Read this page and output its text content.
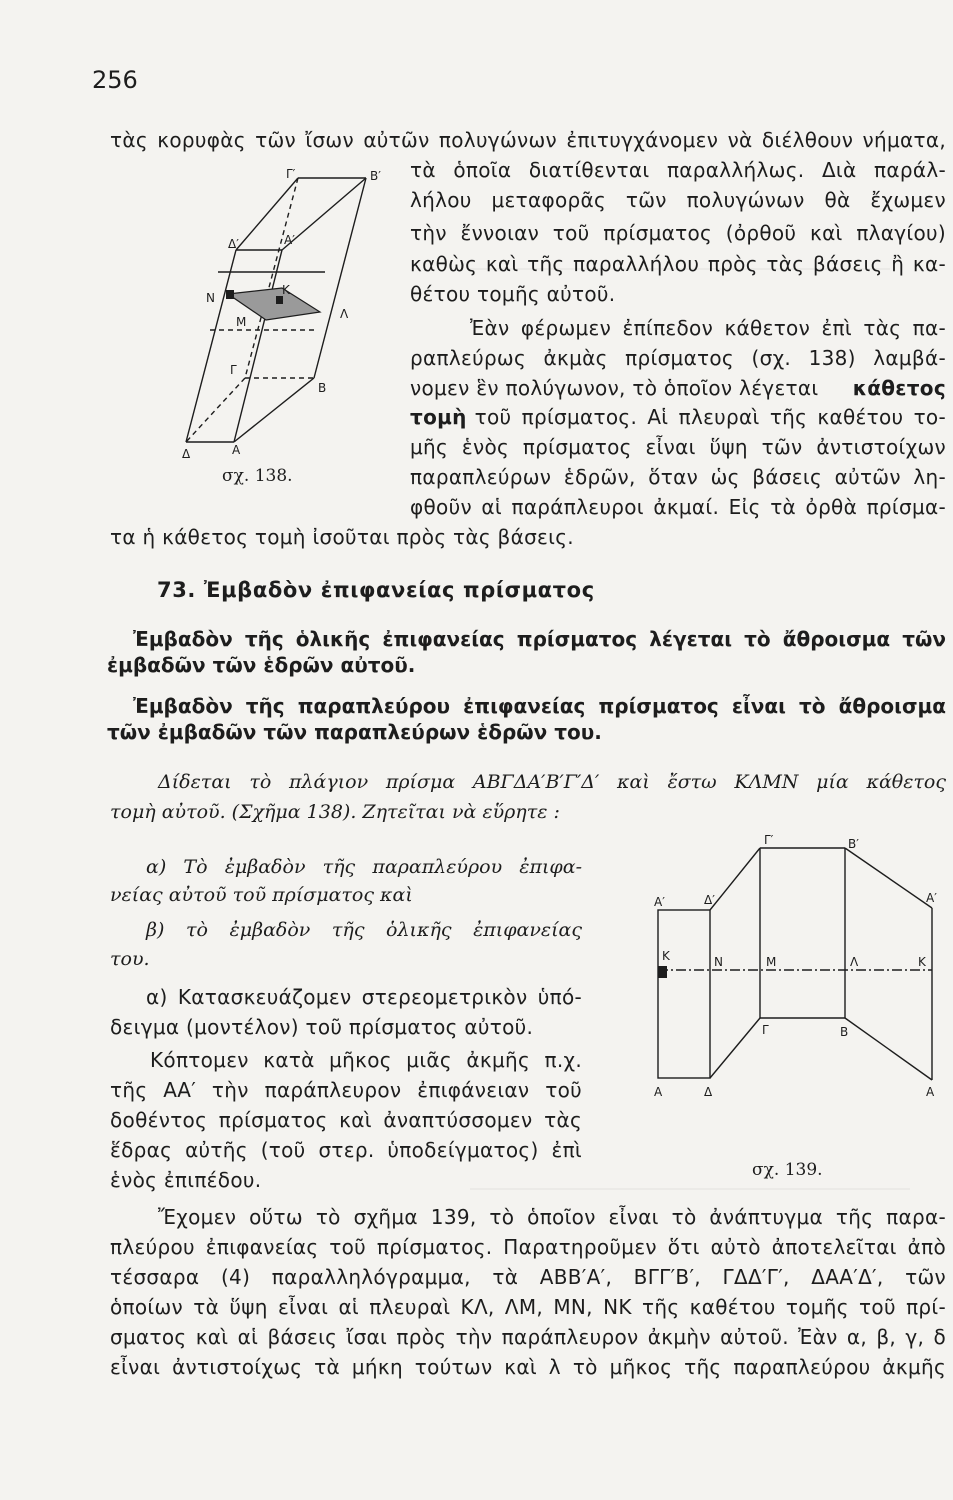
256
τὰς κορυφὰς τῶν ἴσων αὐτῶν πολυγώνων ἐπιτυγχάνομεν νὰ διέλθουν νήματα,
τὰ ὁποῖα διατίθενται παραλλήλως. Διὰ παράλ-
λήλου μεταφορᾶς τῶν πολυγώνων θὰ ἔχωμεν
τὴν ἔννοιαν τοῦ πρίσματος (ὀρθοῦ καὶ πλαγίου)
καθὼς καὶ τῆς παραλλήλου πρὸς τὰς βάσεις ἢ κα-
θέτου τομῆς αὐτοῦ.
Ἐὰν φέρωμεν ἐπίπεδον κάθετον ἐπὶ τὰς πα-
ραπλεύρως ἀκμὰς πρίσματος (σχ. 138) λαμβά-
νομεν ἓν πολύγωνον, τὸ ὁποῖον λέγεται κάθετος
τομὴ τοῦ πρίσματος. Αἱ πλευραὶ τῆς καθέτου το-
μῆς ἑνὸς πρίσματος εἶναι ὕψη τῶν ἀντιστοίχων
παραπλεύρων ἑδρῶν, ὅταν ὡς βάσεις αὐτῶν λη-
φθοῦν αἱ παράπλευροι ἀκμαί. Εἰς τὰ ὀρθὰ πρίσμα-
τα ἡ κάθετος τομὴ ἰσοῦται πρὸς τὰς βάσεις.
Γ′	Β′
Δ′	Α′
Ν
Κ
Μ
Λ
Γ
Β
Δ	Α
σχ. 138.
73. Ἐμβαδὸν ἐπιφανείας πρίσματος
Ἐμβαδὸν τῆς ὁλικῆς ἐπιφανείας πρίσματος λέγεται τὸ ἄθροισμα τῶν
ἐμβαδῶν τῶν ἑδρῶν αὐτοῦ.
Ἐμβαδὸν τῆς παραπλεύρου ἐπιφανείας πρίσματος εἶναι τὸ ἄθροισμα
τῶν ἐμβαδῶν τῶν παραπλεύρων ἑδρῶν του.
Δίδεται τὸ πλάγιον πρίσμα ΑΒΓΔΑ′Β′Γ′Δ′ καὶ ἔστω ΚΛΜΝ μία κάθετος
τομὴ αὐτοῦ. (Σχῆμα 138). Ζητεῖται νὰ εὕρητε :
α) Τὸ ἐμβαδὸν τῆς παραπλεύρου ἐπιφα-
νείας αὐτοῦ τοῦ πρίσματος καὶ
β) τὸ ἐμβαδὸν τῆς ὁλικῆς ἐπιφανείας
του.
α) Κατασκευάζομεν στερεομετρικὸν ὑπό-
δειγμα (μοντέλον) τοῦ πρίσματος αὐτοῦ.
Κόπτομεν κατὰ μῆκος μιᾶς ἀκμῆς π.χ.
τῆς ΑΑ′ τὴν παράπλευρον ἐπιφάνειαν τοῦ
δοθέντος πρίσματος καὶ ἀναπτύσσομεν τὰς
ἕδρας αὐτῆς (τοῦ στερ. ὑποδείγματος) ἐπὶ
ἑνὸς ἐπιπέδου.
Γ′	Β′
Α′	Δ′	Α′
Κ	Ν	Μ	Λ	Κ
Γ	Β
Α	Δ	Α
σχ. 139.
Ἔχομεν οὕτω τὸ σχῆμα 139, τὸ ὁποῖον εἶναι τὸ ἀνάπτυγμα τῆς παρα-
πλεύρου ἐπιφανείας τοῦ πρίσματος. Παρατηροῦμεν ὅτι αὐτὸ ἀποτελεῖται ἀπὸ
τέσσαρα (4) παραλληλόγραμμα, τὰ ΑΒΒ′Α′, ΒΓΓ′Β′, ΓΔΔ′Γ′, ΔΑΑ′Δ′, τῶν
ὁποίων τὰ ὕψη εἶναι αἱ πλευραὶ ΚΛ, ΛΜ, ΜΝ, ΝΚ τῆς καθέτου τομῆς τοῦ πρί-
σματος καὶ αἱ βάσεις ἴσαι πρὸς τὴν παράπλευρον ἀκμὴν αὐτοῦ. Ἐὰν α, β, γ, δ
εἶναι ἀντιστοίχως τὰ μήκη τούτων καὶ λ τὸ μῆκος τῆς παραπλεύρου ἀκμῆς
